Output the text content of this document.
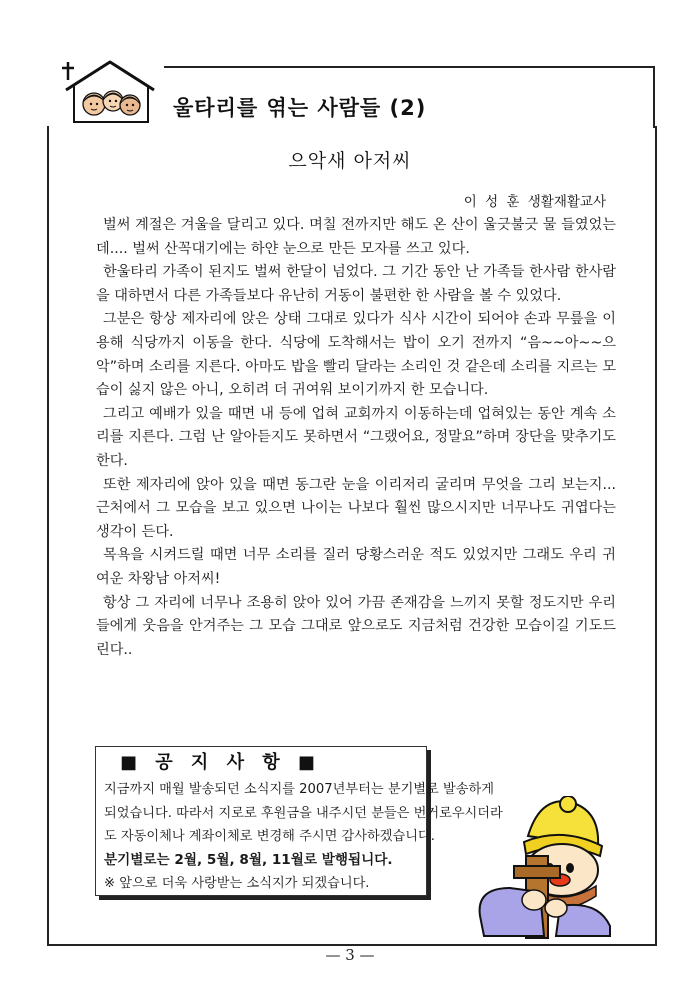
울타리를 엮는 사람들 (2)
으악새 아저씨
이 성 훈 생활재활교사

벌써 계절은 겨울을 달리고 있다. 며칠 전까지만 해도 온 산이 울긋불긋 물 들였었는데.... 벌써 산꼭대기에는 하얀 눈으로 만든 모자를 쓰고 있다.

한울타리 가족이 된지도 벌써 한달이 넘었다. 그 기간 동안 난 가족들 한사람 한사람을 대하면서 다른 가족들보다 유난히 거동이 불편한 한 사람을 볼 수 있었다.

그분은 항상 제자리에 앉은 상태 그대로 있다가 식사 시간이 되어야 손과 무릎을 이용해 식당까지 이동을 한다. 식당에 도착해서는 밥이 오기 전까지 “음~~아~~으악”하며 소리를 지른다. 아마도 밥을 빨리 달라는 소리인 것 같은데 소리를 지르는 모습이 싫지 않은 아니, 오히려 더 귀여워 보이기까지 한 모습니다.

그리고 예배가 있을 때면 내 등에 업혀 교회까지 이동하는데 업혀있는 동안 계속 소리를 지른다. 그럼 난 알아듣지도 못하면서 “그랬어요, 정말요”하며 장단을 맞추기도 한다.

또한 제자리에 앉아 있을 때면 동그란 눈을 이리저리 굴리며 무엇을 그리 보는지... 근처에서 그 모습을 보고 있으면 나이는 나보다 훨씬 많으시지만 너무나도 귀엽다는 생각이 든다.

목욕을 시켜드릴 때면 너무 소리를 질러 당황스러운 적도 있었지만 그래도 우리 귀여운 차왕남 아저씨!

항상 그 자리에 너무나 조용히 앉아 있어 가끔 존재감을 느끼지 못할 정도지만 우리들에게 웃음을 안겨주는 그 모습 그대로 앞으로도 지금처럼 건강한 모습이길 기도드린다..

■ 공 지 사 항 ■
지금까지 매월 발송되던 소식지를 2007년부터는 분기별로 발송하게
되었습니다. 따라서 지로로 후원금을 내주시던 분들은 번거로우시더라
도 자동이체나 계좌이체로 변경해 주시면 감사하겠습니다.
분기별로는 2월, 5월, 8월, 11월로 발행됩니다.
※ 앞으로 더욱 사랑받는 소식지가 되겠습니다.
— 3 —
